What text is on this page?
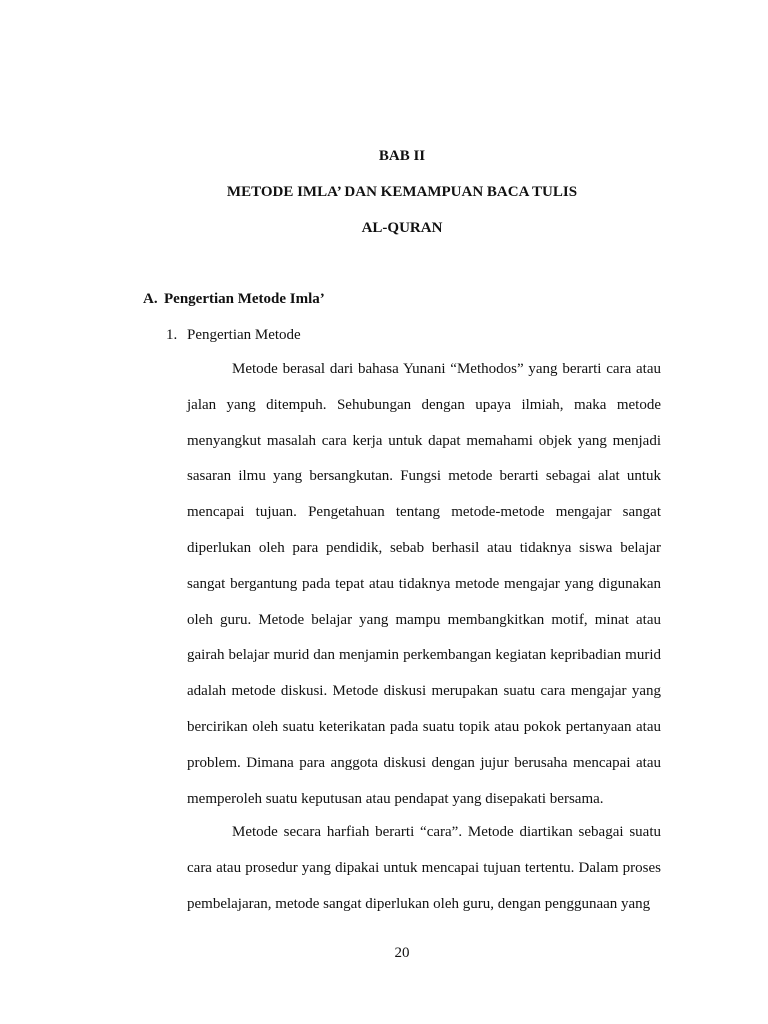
BAB II
METODE IMLA’ DAN KEMAMPUAN BACA TULIS
AL-QURAN
A. Pengertian Metode Imla’
1. Pengertian Metode

Metode berasal dari bahasa Yunani “Methodos” yang berarti cara atau jalan yang ditempuh. Sehubungan dengan upaya ilmiah, maka metode menyangkut masalah cara kerja untuk dapat memahami objek yang menjadi sasaran ilmu yang bersangkutan. Fungsi metode berarti sebagai alat untuk mencapai tujuan. Pengetahuan tentang metode-metode mengajar sangat diperlukan oleh para pendidik, sebab berhasil atau tidaknya siswa belajar sangat bergantung pada tepat atau tidaknya metode mengajar yang digunakan oleh guru. Metode belajar yang mampu membangkitkan motif, minat atau gairah belajar murid dan menjamin perkembangan kegiatan kepribadian murid adalah metode diskusi. Metode diskusi merupakan suatu cara mengajar yang bercirikan oleh suatu keterikatan pada suatu topik atau pokok pertanyaan atau problem. Dimana para anggota diskusi dengan jujur berusaha mencapai atau memperoleh suatu keputusan atau pendapat yang disepakati bersama.

Metode secara harfiah berarti “cara”. Metode diartikan sebagai suatu cara atau prosedur yang dipakai untuk mencapai tujuan tertentu. Dalam proses pembelajaran, metode sangat diperlukan oleh guru, dengan penggunaan yang

20
